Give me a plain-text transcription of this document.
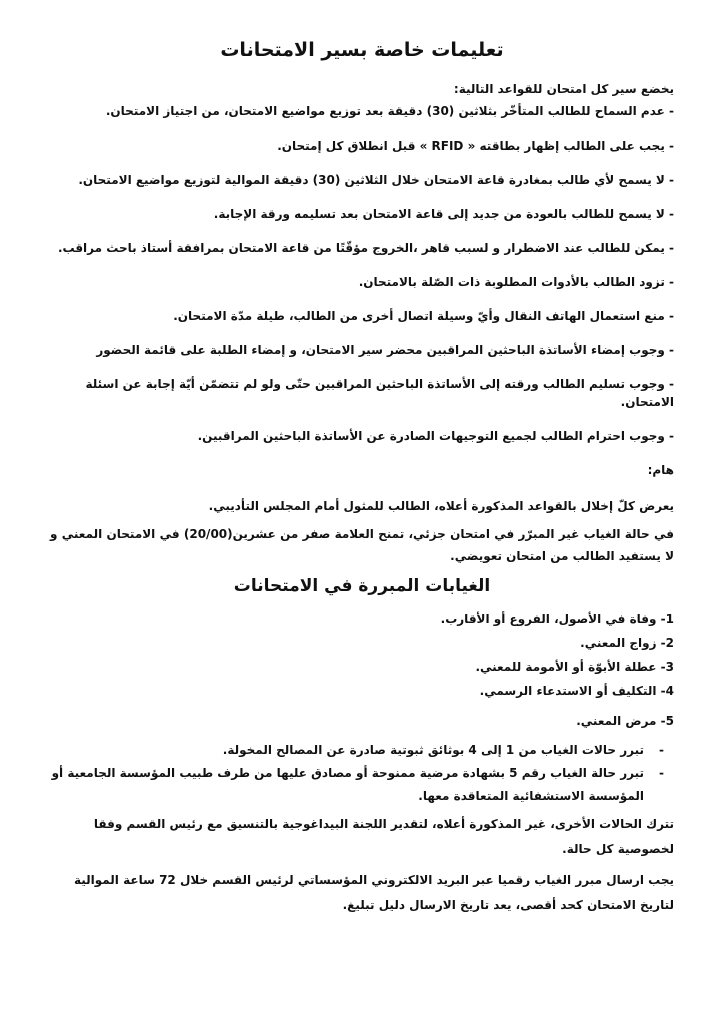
تعليمات خاصة بسير الامتحانات

يخضع سير كل امتحان للقواعد التالية:

- عدم السماح للطالب المتأخّر بثلاثين (30) دقيقة بعد توزيع مواضيع الامتحان، من اجتياز الامتحان.

- يجب على الطالب إظهار بطاقته « RFID » قبل انطلاق كل إمتحان.

- لا يسمح لأي طالب بمغادرة قاعة الامتحان خلال الثلاثين (30) دقيقة الموالية لتوزيع مواضيع الامتحان.

- لا يسمح للطالب بالعودة من جديد إلى قاعة الامتحان بعد تسليمه ورقة الإجابة.

- يمكن للطالب عند الاضطرار و لسبب قاهر ،الخروج مؤقّتًا من قاعة الامتحان بمرافقة أستاذ باحث مراقب.

- تزود الطالب بالأدوات المطلوبة ذات الصّلة بالامتحان.

- منع استعمال الهاتف النقال وأيّ وسيلة اتصال أخرى من الطالب، طيلة مدّة الامتحان.

- وجوب إمضاء الأساتذة الباحثين المراقبين محضر سير الامتحان، و إمضاء الطلبة على قائمة الحضور

- وجوب تسليم الطالب ورقته إلى الأساتذة الباحثين المراقبين حتّى ولو لم تتضمّن أيّة إجابة عن اسئلة الامتحان.

- وجوب احترام الطالب لجميع التوجيهات الصادرة عن الأساتذة الباحثين المراقبين.

هام:

يعرض كلّ إخلال بالقواعد المذكورة أعلاه، الطالب للمثول أمام المجلس التأديبي.

في حالة الغياب غير المبرّر في امتحان جزئي، تمنح العلامة صفر من عشرين(20/00) في الامتحان المعني و لا يستفيد الطالب من امتحان تعويضي.

الغيابات المبررة في الامتحانات
1- وفاة في الأصول، الفروع أو الأقارب.
2- زواج المعني.
3- عطلة الأبوّة أو الأمومة للمعني.
4- التكليف أو الاستدعاء الرسمي.
5- مرض المعني.
- تبرر حالات الغياب من 1 إلى 4 بوثائق ثبوتية صادرة عن المصالح المخولة.
- تبرر حالة الغياب رقم 5 بشهادة مرضية ممنوحة أو مصادق عليها من طرف طبيب المؤسسة الجامعية أو المؤسسة الاستشفائية المتعاقدة معها.

تترك الحالات الأخرى، غير المذكورة أعلاه، لتقدير اللجنة البيداغوجية بالتنسيق مع رئيس القسم وفقا لخصوصية كل حالة.

يجب ارسال مبرر الغياب رقميا عبر البريد الالكتروني المؤسساتي لرئيس القسم خلال 72 ساعة الموالية لتاريخ الامتحان كحد أقصى، يعد تاريخ الارسال دليل تبليغ.
